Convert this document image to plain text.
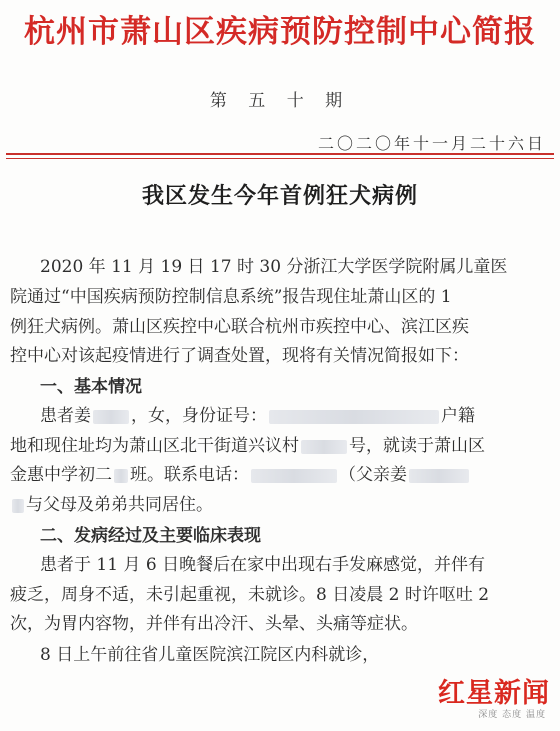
杭州市萧山区疾病预防控制中心简报
第 五 十 期
二〇二〇年十一月二十六日
我区发生今年首例狂犬病例
2020 年 11 月 19 日 17 时 30 分浙江大学医学院附属儿童医
院通过“中国疾病预防控制信息系统”报告现住址萧山区的 1
例狂犬病例。萧山区疾控中心联合杭州市疾控中心、滨江区疾
控中心对该起疫情进行了调查处置，现将有关情况简报如下：
一、基本情况
患者姜 ，女，身份证号：	户籍
地和现住址均为萧山区北干街道兴议村	号，就读于萧山区
金惠中学初二 班。联系电话：	（父亲姜
与父母及弟弟共同居住。
二、发病经过及主要临床表现
患者于 11 月 6 日晚餐后在家中出现右手发麻感觉，并伴有
疲乏，周身不适，未引起重视，未就诊。8 日凌晨 2 时许呕吐 2
次，为胃内容物，并伴有出冷汗、头晕、头痛等症状。
8 日上午前往省儿童医院滨江院区内科就诊，
红星新闻
深度 态度 温度
